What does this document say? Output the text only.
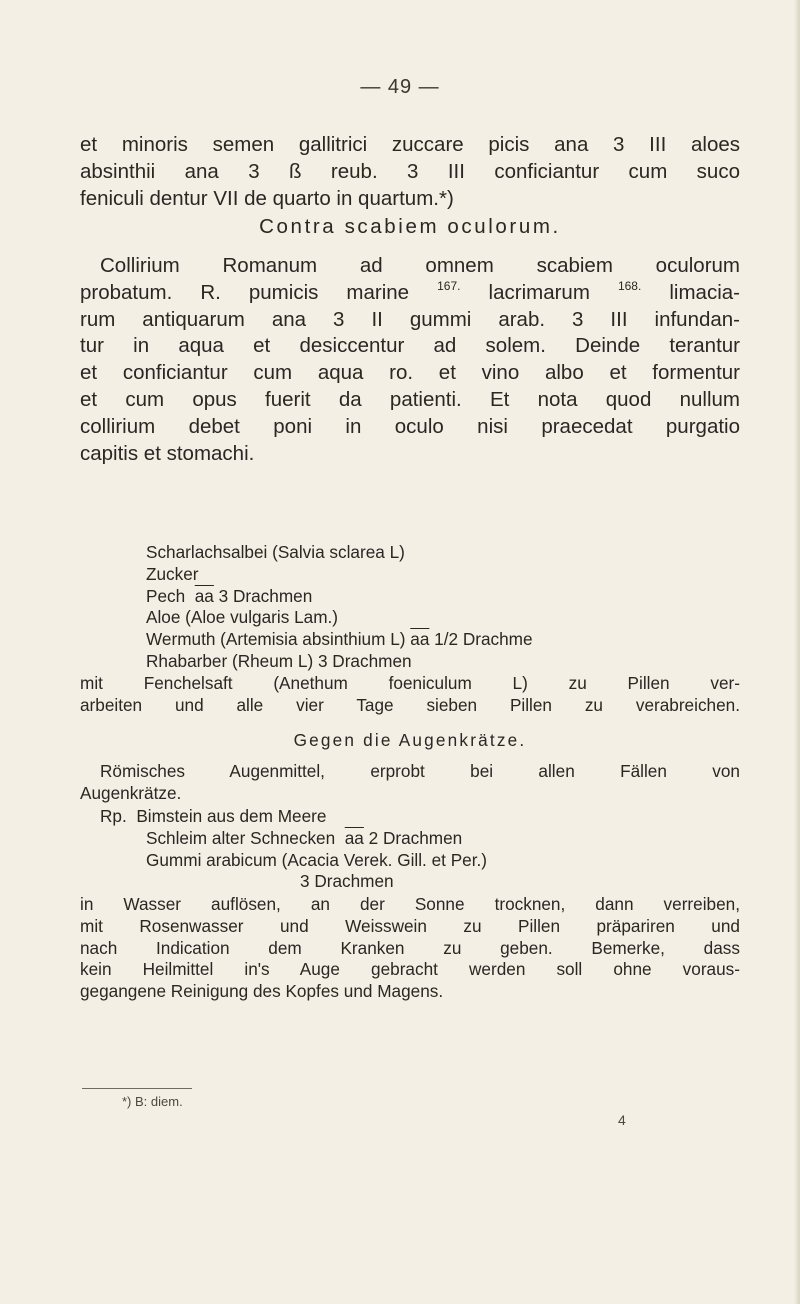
— 49 —
et minoris semen gallitrici zuccare picis ana 3 III aloes
absinthii ana 3 ß reub. 3 III conficiantur cum suco
feniculi dentur VII de quarto in quartum.*)
Contra scabiem oculorum.
Collirium Romanum ad omnem scabiem oculorum
probatum. R. pumicis marine $^{167.}$ lacrimarum $^{168.}$ limacia-
rum antiquarum ana 3 II gummi arab. 3 III infundan-
tur in aqua et desiccentur ad solem. Deinde terantur
et conficiantur cum aqua ro. et vino albo et formentur
et cum opus fuerit da patienti. Et nota quod nullum
collirium debet poni in oculo nisi praecedat purgatio
capitis et stomachi.
Scharlachsalbei (Salvia sclarea L)
Zucker
Pech $\overline{aa}$ 3 Drachmen
Aloe (Aloe vulgaris Lam.)
Wermuth (Artemisia absinthium L) $\overline{aa}$ 1/2 Drachme
Rhabarber (Rheum L) 3 Drachmen
mit Fenchelsaft (Anethum foeniculum L) zu Pillen ver-
arbeiten und alle vier Tage sieben Pillen zu verabreichen.
Gegen die Augenkrätze.
Römisches Augenmittel, erprobt bei allen Fällen von
Augenkrätze.
Rp. Bimstein aus dem Meere
Schleim alter Schnecken $\overline{aa}$ 2 Drachmen
Gummi arabicum (Acacia Verek. Gill. et Per.)
3 Drachmen
in Wasser auflösen, an der Sonne trocknen, dann verreiben,
mit Rosenwasser und Weisswein zu Pillen präpariren und
nach Indication dem Kranken zu geben. Bemerke, dass
kein Heilmittel in's Auge gebracht werden soll ohne voraus-
gegangene Reinigung des Kopfes und Magens.
*) B: diem.
4
